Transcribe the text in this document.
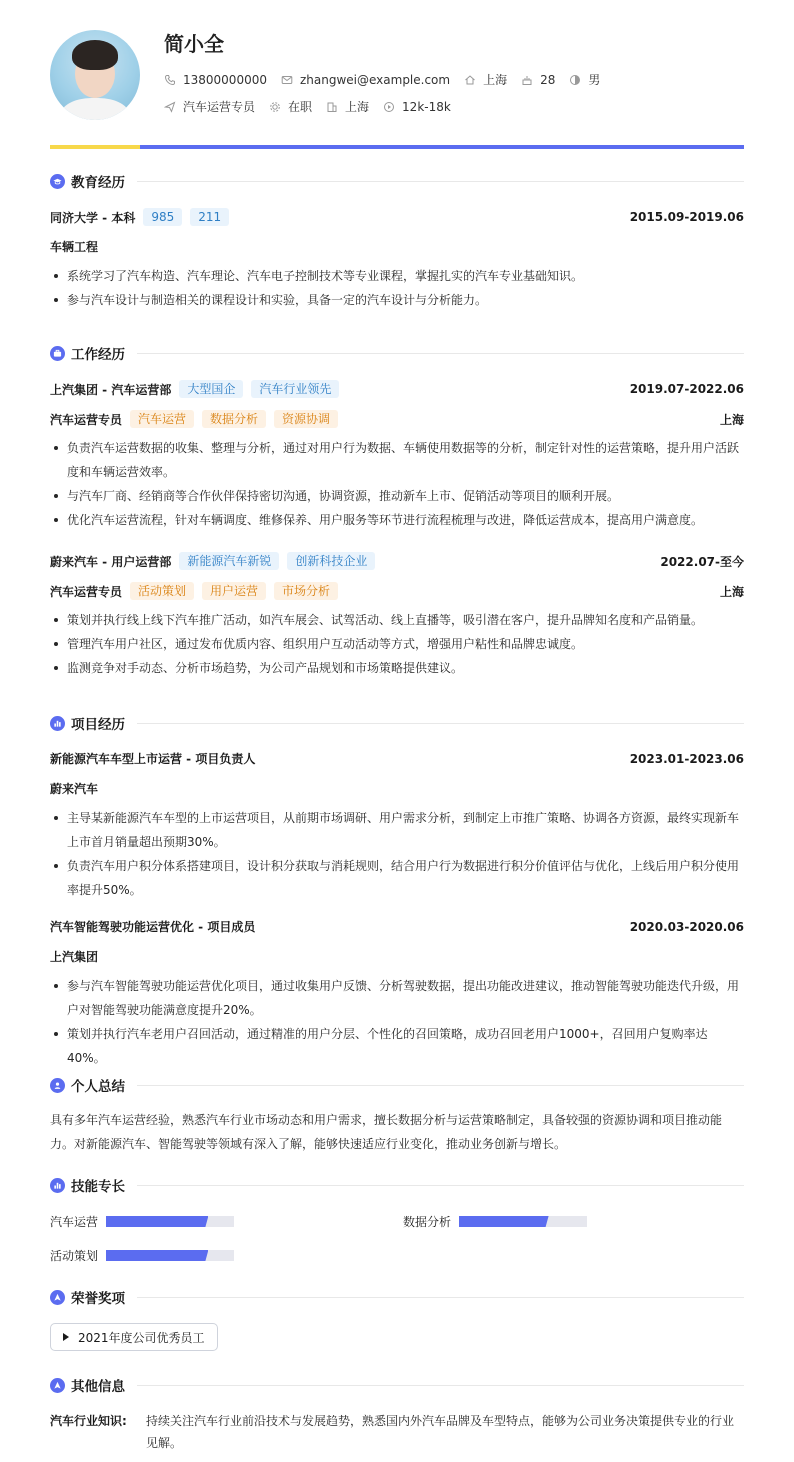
简小全
13800000000	zhangwei@example.com	上海	28	男
汽车运营专员	在职	上海	12k-18k
教育经历
同济大学 - 本科	985	211	2015.09-2019.06
车辆工程
系统学习了汽车构造、汽车理论、汽车电子控制技术等专业课程，掌握扎实的汽车专业基础知识。
参与汽车设计与制造相关的课程设计和实验，具备一定的汽车设计与分析能力。
工作经历
上汽集团 - 汽车运营部	大型国企	汽车行业领先	2019.07-2022.06
汽车运营专员	汽车运营	数据分析	资源协调	上海
负责汽车运营数据的收集、整理与分析，通过对用户行为数据、车辆使用数据等的分析，制定针对性的运营策略，提升用户活跃度和车辆运营效率。
与汽车厂商、经销商等合作伙伴保持密切沟通，协调资源，推动新车上市、促销活动等项目的顺利开展。
优化汽车运营流程，针对车辆调度、维修保养、用户服务等环节进行流程梳理与改进，降低运营成本，提高用户满意度。
蔚来汽车 - 用户运营部	新能源汽车新锐	创新科技企业	2022.07-至今
汽车运营专员	活动策划	用户运营	市场分析	上海
策划并执行线上线下汽车推广活动，如汽车展会、试驾活动、线上直播等，吸引潜在客户，提升品牌知名度和产品销量。
管理汽车用户社区，通过发布优质内容、组织用户互动活动等方式，增强用户粘性和品牌忠诚度。
监测竞争对手动态、分析市场趋势，为公司产品规划和市场策略提供建议。
项目经历
新能源汽车车型上市运营 - 项目负责人	2023.01-2023.06
蔚来汽车
主导某新能源汽车车型的上市运营项目，从前期市场调研、用户需求分析，到制定上市推广策略、协调各方资源，最终实现新车上市首月销量超出预期30%。
负责汽车用户积分体系搭建项目，设计积分获取与消耗规则，结合用户行为数据进行积分价值评估与优化，上线后用户积分使用率提升50%。
汽车智能驾驶功能运营优化 - 项目成员	2020.03-2020.06
上汽集团
参与汽车智能驾驶功能运营优化项目，通过收集用户反馈、分析驾驶数据，提出功能改进建议，推动智能驾驶功能迭代升级，用户对智能驾驶功能满意度提升20%。
策划并执行汽车老用户召回活动，通过精准的用户分层、个性化的召回策略，成功召回老用户1000+，召回用户复购率达40%。
个人总结
具有多年汽车运营经验，熟悉汽车行业市场动态和用户需求，擅长数据分析与运营策略制定，具备较强的资源协调和项目推动能力。对新能源汽车、智能驾驶等领域有深入了解，能够快速适应行业变化，推动业务创新与增长。
技能专长
汽车运营	数据分析
活动策划
荣誉奖项
2021年度公司优秀员工
其他信息
汽车行业知识:	持续关注汽车行业前沿技术与发展趋势，熟悉国内外汽车品牌及车型特点，能够为公司业务决策提供专业的行业见解。
